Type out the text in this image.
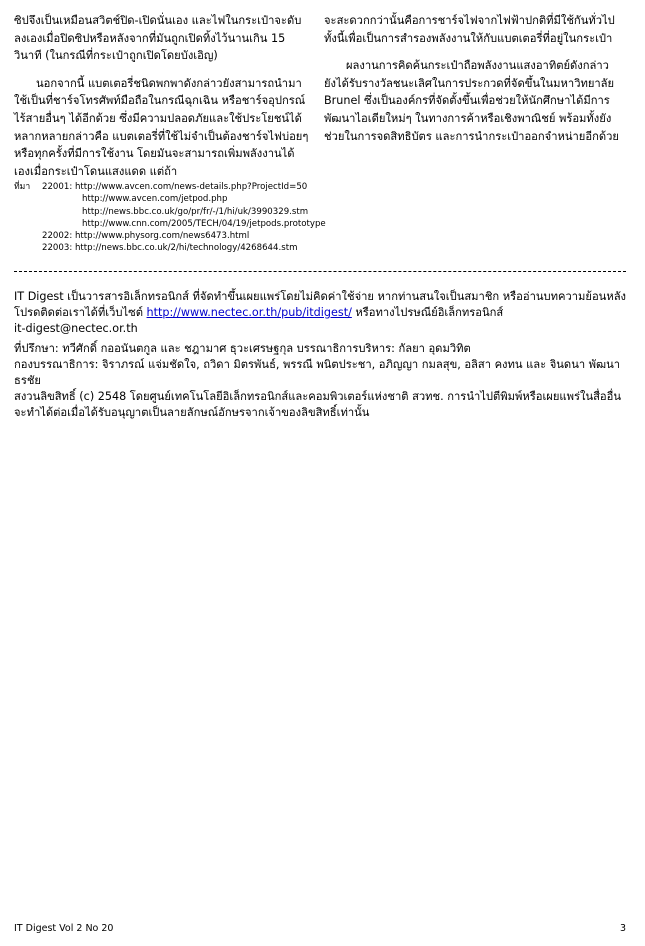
ซิปจึงเป็นเหมือนสวิตช์ปิด-เปิดนั่นเอง และไฟในกระเป๋าจะดับลงเองเมื่อปิดซิปหรือหลังจากที่มันถูกเปิดทิ้งไว้นานเกิน 15 วินาที (ในกรณีที่กระเป๋าถูกเปิดโดยบังเอิญ)

นอกจากนี้ แบตเตอรี่ชนิดพกพาดังกล่าวยังสามารถนำมาใช้เป็นที่ชาร์จโทรศัพท์มือถือในกรณีฉุกเฉิน หรือชาร์จอุปกรณ์ไร้สายอื่นๆ ได้อีกด้วย ซึ่งมีความปลอดภัยและใช้ประโยชน์ได้หลากหลายกล่าวคือ แบตเตอรี่ที่ใช้ไม่จำเป็นต้องชาร์จไฟบ่อยๆ หรือทุกครั้งที่มีการใช้งาน โดยมันจะสามารถเพิ่มพลังงานได้เองเมื่อกระเป๋าโดนแสงแดด แต่ถ้า

จะสะดวกกว่านั้นคือการชาร์จไฟจากไฟฟ้าปกติที่มีใช้กันทั่วไป ทั้งนี้เพื่อเป็นการสำรองพลังงานให้กับแบตเตอรี่ที่อยู่ในกระเป๋า

ผลงานการคิดค้นกระเป๋าถือพลังงานแสงอาทิตย์ดังกล่าวยังได้รับรางวัลชนะเลิศในการประกวดที่จัดขึ้นในมหาวิทยาลัย Brunel ซึ่งเป็นองค์กรที่จัดตั้งขึ้นเพื่อช่วยให้นักศึกษาได้มีการพัฒนาไอเดียใหม่ๆ ในทางการค้าหรือเชิงพาณิชย์ พร้อมทั้งยังช่วยในการจดสิทธิบัตร และการนำกระเป๋าออกจำหน่ายอีกด้วย

ที่มา	22001: http://www.avcen.com/news-details.php?ProjectId=50
http://www.avcen.com/jetpod.php
http://news.bbc.co.uk/go/pr/fr/-/1/hi/uk/3990329.stm
http://www.cnn.com/2005/TECH/04/19/jetpods.prototype
22002: http://www.physorg.com/news6473.html
22003: http://news.bbc.co.uk/2/hi/technology/4268644.stm

IT Digest เป็นวารสารอิเล็กทรอนิกส์ ที่จัดทำขึ้นเผยแพร่โดยไม่คิดค่าใช้จ่าย หากท่านสนใจเป็นสมาชิก หรืออ่านบทความย้อนหลัง โปรดติดต่อเราได้ที่เว็บไซต์ http://www.nectec.or.th/pub/itdigest/ หรือทางไปรษณีย์อิเล็กทรอนิกส์
it-digest@nectec.or.th

ที่ปรึกษา: ทวีศักดิ์ กออนันตกูล และ ชฎามาศ ธุวะเศรษฐกุล บรรณาธิการบริหาร: กัลยา อุดมวิทิต

กองบรรณาธิการ: จิราภรณ์ แจ่มชัดใจ, ถวิดา มิตรพันธ์, พรรณี พนิตประชา, อภิญญา กมลสุข, อลิสา คงทน และ จินดนา พัฒนาธรชัย

สงวนลิขสิทธิ์ (c) 2548 โดยศูนย์เทคโนโลยีอิเล็กทรอนิกส์และคอมพิวเตอร์แห่งชาติ สวทช. การนำไปตีพิมพ์หรือเผยแพร่ในสื่ออื่นจะทำได้ต่อเมื่อได้รับอนุญาตเป็นลายลักษณ์อักษรจากเจ้าของลิขสิทธิ์เท่านั้น

IT Digest Vol 2 No 20	3
